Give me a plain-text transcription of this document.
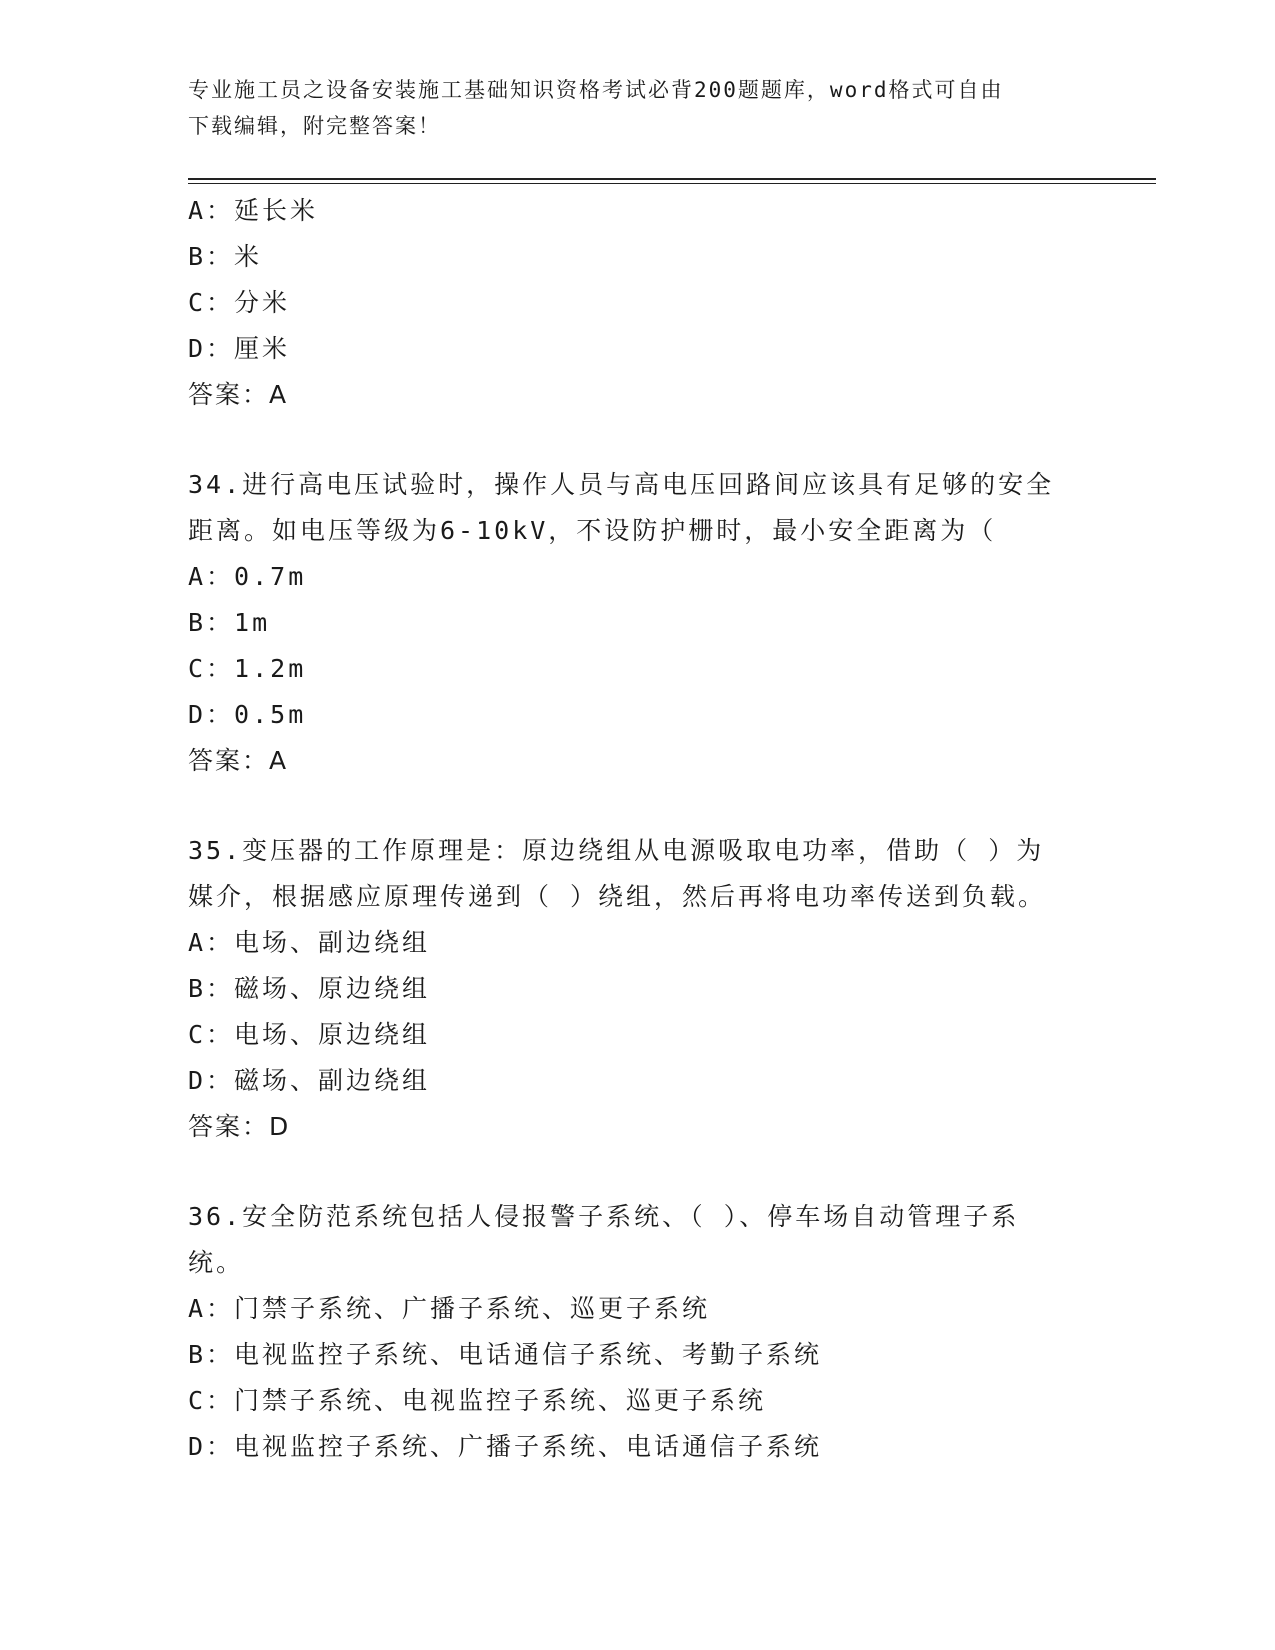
专业施工员之设备安装施工基础知识资格考试必背200题题库，word格式可自由
下载编辑，附完整答案！
A：延长米
B：米
C：分米
D：厘米
答案：A
34.进行高电压试验时，操作人员与高电压回路间应该具有足够的安全
距离。如电压等级为6-10kV，不设防护栅时，最小安全距离为（
A：0.7m
B：1m
C：1.2m
D：0.5m
答案：A
35.变压器的工作原理是：原边绕组从电源吸取电功率，借助（ ）为
媒介，根据感应原理传递到（ ）绕组，然后再将电功率传送到负载。
A：电场、副边绕组
B：磁场、原边绕组
C：电场、原边绕组
D：磁场、副边绕组
答案：D
36.安全防范系统包括人侵报警子系统、（ ）、停车场自动管理子系
统。
A：门禁子系统、广播子系统、巡更子系统
B：电视监控子系统、电话通信子系统、考勤子系统
C：门禁子系统、电视监控子系统、巡更子系统
D：电视监控子系统、广播子系统、电话通信子系统
